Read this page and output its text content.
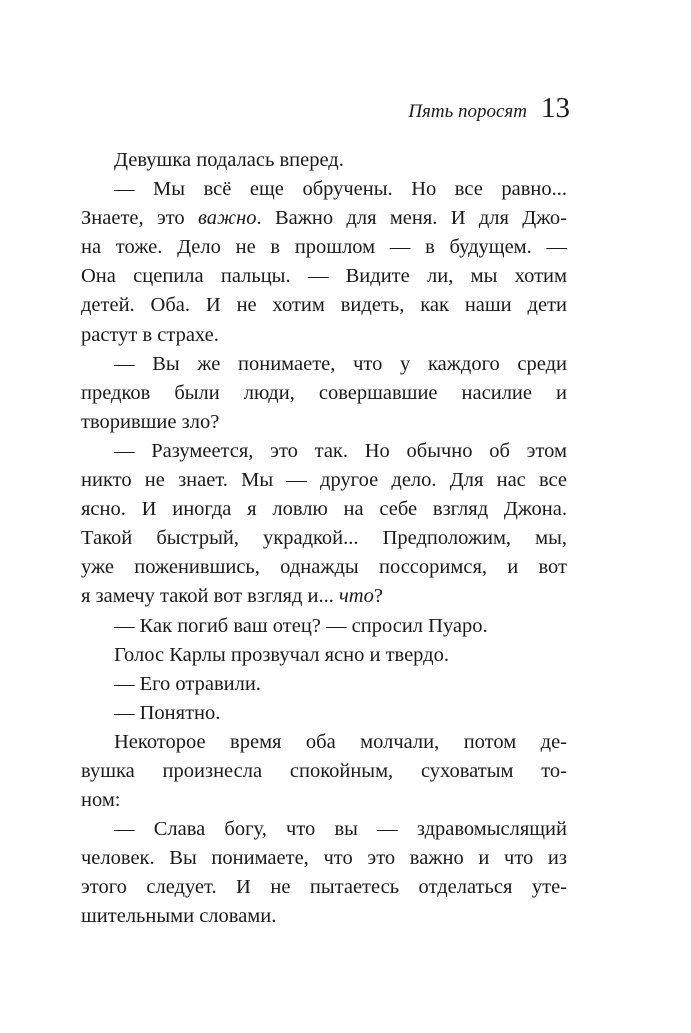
Пять поросят 13
Девушка подалась вперед.
— Мы всё еще обручены. Но все равно...
Знаете, это важно. Важно для меня. И для Джо-
на тоже. Дело не в прошлом — в будущем. —
Она сцепила пальцы. — Видите ли, мы хотим
детей. Оба. И не хотим видеть, как наши дети
растут в страхе.
— Вы же понимаете, что у каждого среди
предков были люди, совершавшие насилие и
творившие зло?
— Разумеется, это так. Но обычно об этом
никто не знает. Мы — другое дело. Для нас все
ясно. И иногда я ловлю на себе взгляд Джона.
Такой быстрый, украдкой... Предположим, мы,
уже поженившись, однажды поссоримся, и вот
я замечу такой вот взгляд и... что?
— Как погиб ваш отец? — спросил Пуаро.
Голос Карлы прозвучал ясно и твердо.
— Его отравили.
— Понятно.
Некоторое время оба молчали, потом де-
вушка произнесла спокойным, суховатым то-
ном:
— Слава богу, что вы — здравомыслящий
человек. Вы понимаете, что это важно и что из
этого следует. И не пытаетесь отделаться уте-
шительными словами.
